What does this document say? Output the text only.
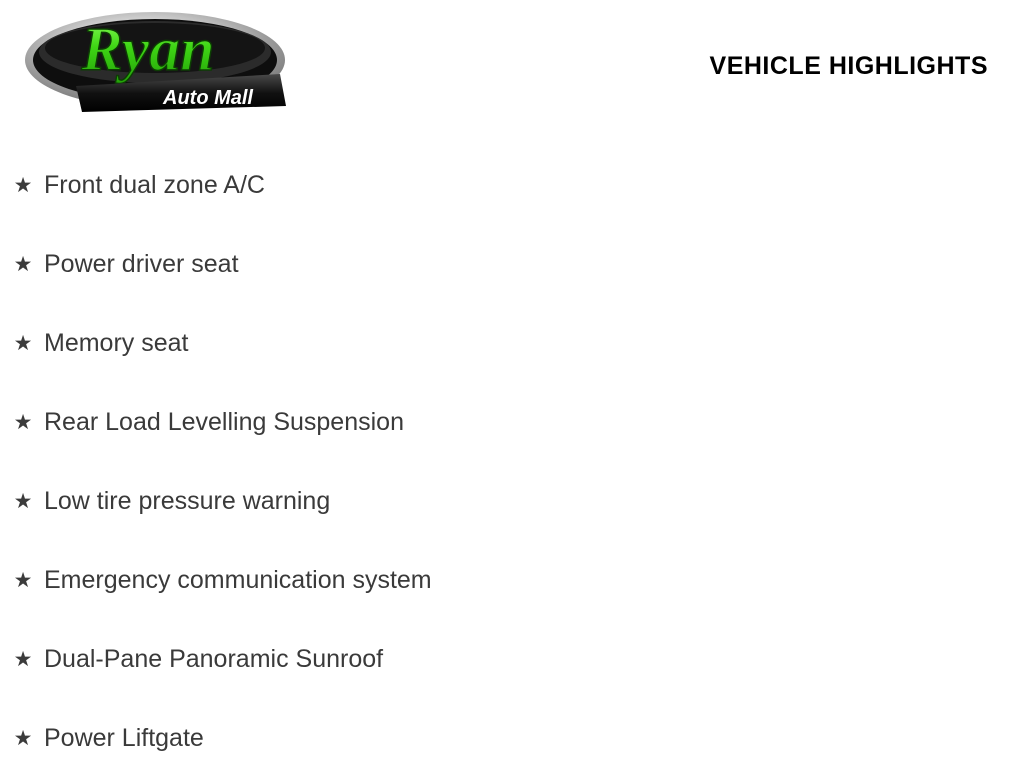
Ryan
Auto Mall
VEHICLE HIGHLIGHTS
★ Front dual zone A/C
★ Power driver seat
★ Memory seat
★ Rear Load Levelling Suspension
★ Low tire pressure warning
★ Emergency communication system
★ Dual-Pane Panoramic Sunroof
★ Power Liftgate
